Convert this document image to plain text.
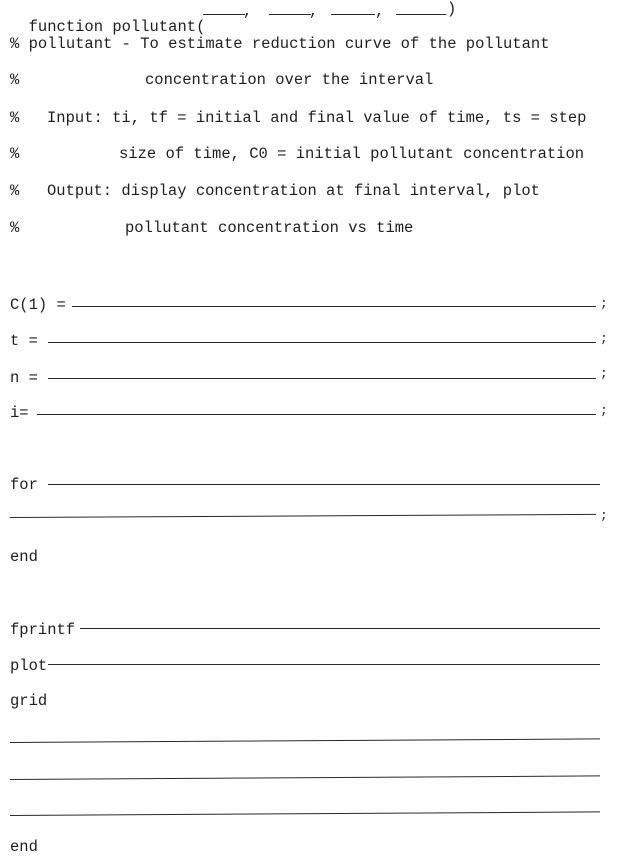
function pollutant(

,	,	,	)
% pollutant - To estimate reduction curve of the pollutant
%	concentration over the interval
% Input: ti, tf = initial and final value of time, ts = step
%	size of time, C0 = initial pollutant concentration
% Output: display concentration at final interval, plot
%	pollutant concentration vs time
C(1) =	;
t =	;
n =	;
i=	;
for
;
end
fprintf
plot
grid
end
